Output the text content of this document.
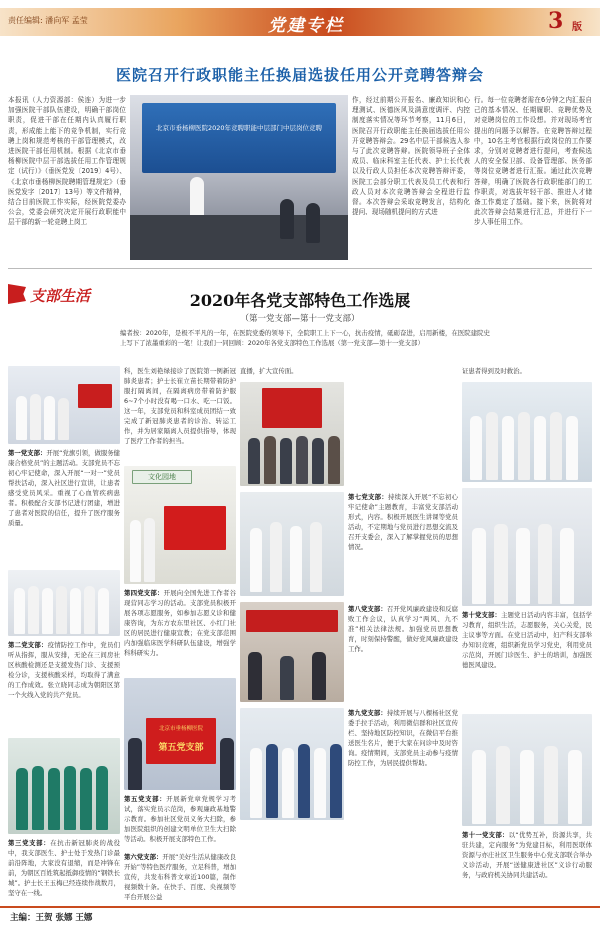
责任编辑: 潘向军 孟莹	党建专栏	3 版
医院召开行政职能主任换届选拔任用公开竞聘答辩会
本报讯（人力资源部：侯连）为进一步加强医院干部队伍建设，明确干部岗位职责，促进干部在任期内认真履行职责，形成能上能下的竞争机制，实行竞聘上岗和规范考核的干部管理模式，改进医院干部任用机制。根据《北京市垂杨柳医院中层干部选拔任用工作管理规定（试行）》（垂医党发〔2019〕4号）、《北京市垂杨柳医院聘期管理规定》（垂医党发字〔2017〕13号）等文件精神，结合目前医院工作实际，经医院党委办公会，党委会研究决定开展行政职能中层干部的新一轮竞聘上岗工
北京市垂杨柳医院2020年竞聘职能中层部门中层岗位竞聘
作，经过前期公开报名、廉政知识和心理测试、医德医风及满意度调评、内控制度落实情况等环节考察，11月6日，医院召开行政职能主任换届选拔任用公开竞聘答辩会。29名中层干部候选人参与了此次竞聘答辩。医院领导班子全体成员、临床科室主任代表、护士长代表以及行政人员担任本次竞聘答辩评委，医院工会部分职工代表及员工代表和行政人员对本次竞聘答辩会全程进行监督。本次答辩会采取竞聘发言，结构化提问、现场随机提问的方式进
行。每一位竞聘者需在6分钟之内汇报自己的基本情况、任期履职、竞聘优势及对竞聘岗位的工作设想。并对现场考官提出的问题予以解答。在竞聘答辩过程中，10名主考官根据行政岗位的工作要求，分别对竞聘者进行提问，考查候选人的安全保卫部、设备管理部、医务部等岗位竞聘者进行汇报。通过此次竞聘答辩，明确了医院各行政职能部门的工作职责，对选拔年轻干部、推进人才储备工作奠定了基础。接下来，医院将对此次答辩会结果进行汇总，并进行下一步人事任用工作。
支部生活	2020年各党支部特色工作选展
（第一党支部—第十一党支部）
编者按：2020年，是极不平凡的一年，在医院党委的领导下，全院职工上下一心，抗击疫情，砥砺奋进，启用新楼，在医院建院史上写下了浓墨重彩的一笔！让我们一同回顾：2020年各党支部特色工作选展（第一党支部—第十一党支部）
第一党支部：开展“党旗引领，做服务健康合格党员”的主题活动。支部党员不忘初心牢记使命，深入开展“一对一”党员帮扶活动，深入社区进行宣讲，让患者感受党员风采。重视了心血管疾病患者。积极配合支部书记进行团建，增进了患者对医院的信任，提升了医疗服务质量。
第二党支部：疫情防控工作中，党员们听从指挥，服从安排，无论在三间房社区核酸检测还是支援发热门诊、支援预检分诊，支援核酸采样，均取得了满意的工作成效。张立晓同志成为朝阳区第一个火线入党的共产党员。
第三党支部：在抗击新冠肺炎的战役中，我支部医生、护士处于发热门诊最前沿阵地，大家没有退缩，而是冲锋在前，为朝区百姓筑起抵御疫情的“钢铁长城”。护士长王玉梅已经连续作战数月，坚守在一线。
科，医生刘艳绿接诊了医院第一例新冠肺炎患者；护士长崔立苗长期带着防护服打隔离间，在隔离病房带着防护服6~7个小时没有喝一口水、吃一口饭。这一年，支部党员和科室成员团结一致完成了新冠肺炎患者的诊治、转运工作，并为居家隔离人员提供指导，体现了医疗工作者的担当。
文化园地
第四党支部：开展向全国先进工作者谷现营同志学习的活动。支部党员积极开展各项志愿服务，如参加志愿义诊和健康咨询，为东方农东里社区、小红门社区的居民进行健康宣教；在党支部范围内加强临床医学科研队伍建设，增强学科科研实力。
北京市垂杨柳医院
第五党支部
第五党支部：开展新党章党规学习考试，落实党员示范岗，参观廉政基地警示教育。参加社区党员义务大扫除，参加医院组织的创建文明单位卫生大扫除等活动。积极开展支部特色工作。
第六党支部：开展“美好生活从健康改良开始”等特色医疗服务，立足科普，增加宣传，共发布科普文章近100篇，制作视频数十条。在快手、百度、央视频等平台开展公益
直播，扩大宣传面。
第七党支部：持续深入开展“不忘初心牢记使命”主题教育，丰富党支部活动形式，内容。积极开展医生讲课等党员活动，不定期地与党员进行思想交流及召开支委会，深入了解掌握党员的思想情况。
第八党支部：召开党风廉政建设和反腐败工作会议，认真学习“两风、九不准”相关法律法规。加强党员思想教育，时刻保持警醒，做好党风廉政建设工作。
第九党支部：持续开展与八棵杨社区党委手拉手活动，利用微信群和社区宣传栏、坚持地区防控知识，在微信平台推送医生名片，便于大家在问诊中及时咨询。疫情期间，支部党员主动参与疫情防控工作，为居民提供帮助。
证患者得到及时救治。
第十党支部：主题党日活动内容丰富，包括学习教育，组织生活，志愿服务，关心关爱，民主议事等方面。在党日活动中，妇产科支部举办知识竞赛，组织新党员学习党史，利用党员示范岗，开展门诊医生、护士的培训，加强医德医风建设。
第十一党支部：以“优势互补，资源共享，共驻共建，定向服务”为党建目标，利用医联体资源与亦庄社区卫生服务中心党支部联合举办义诊活动，开展“送健康进社区”义诊行动服务，与政府机关协同共建活动。
主编：王贺 张娜 王娜
